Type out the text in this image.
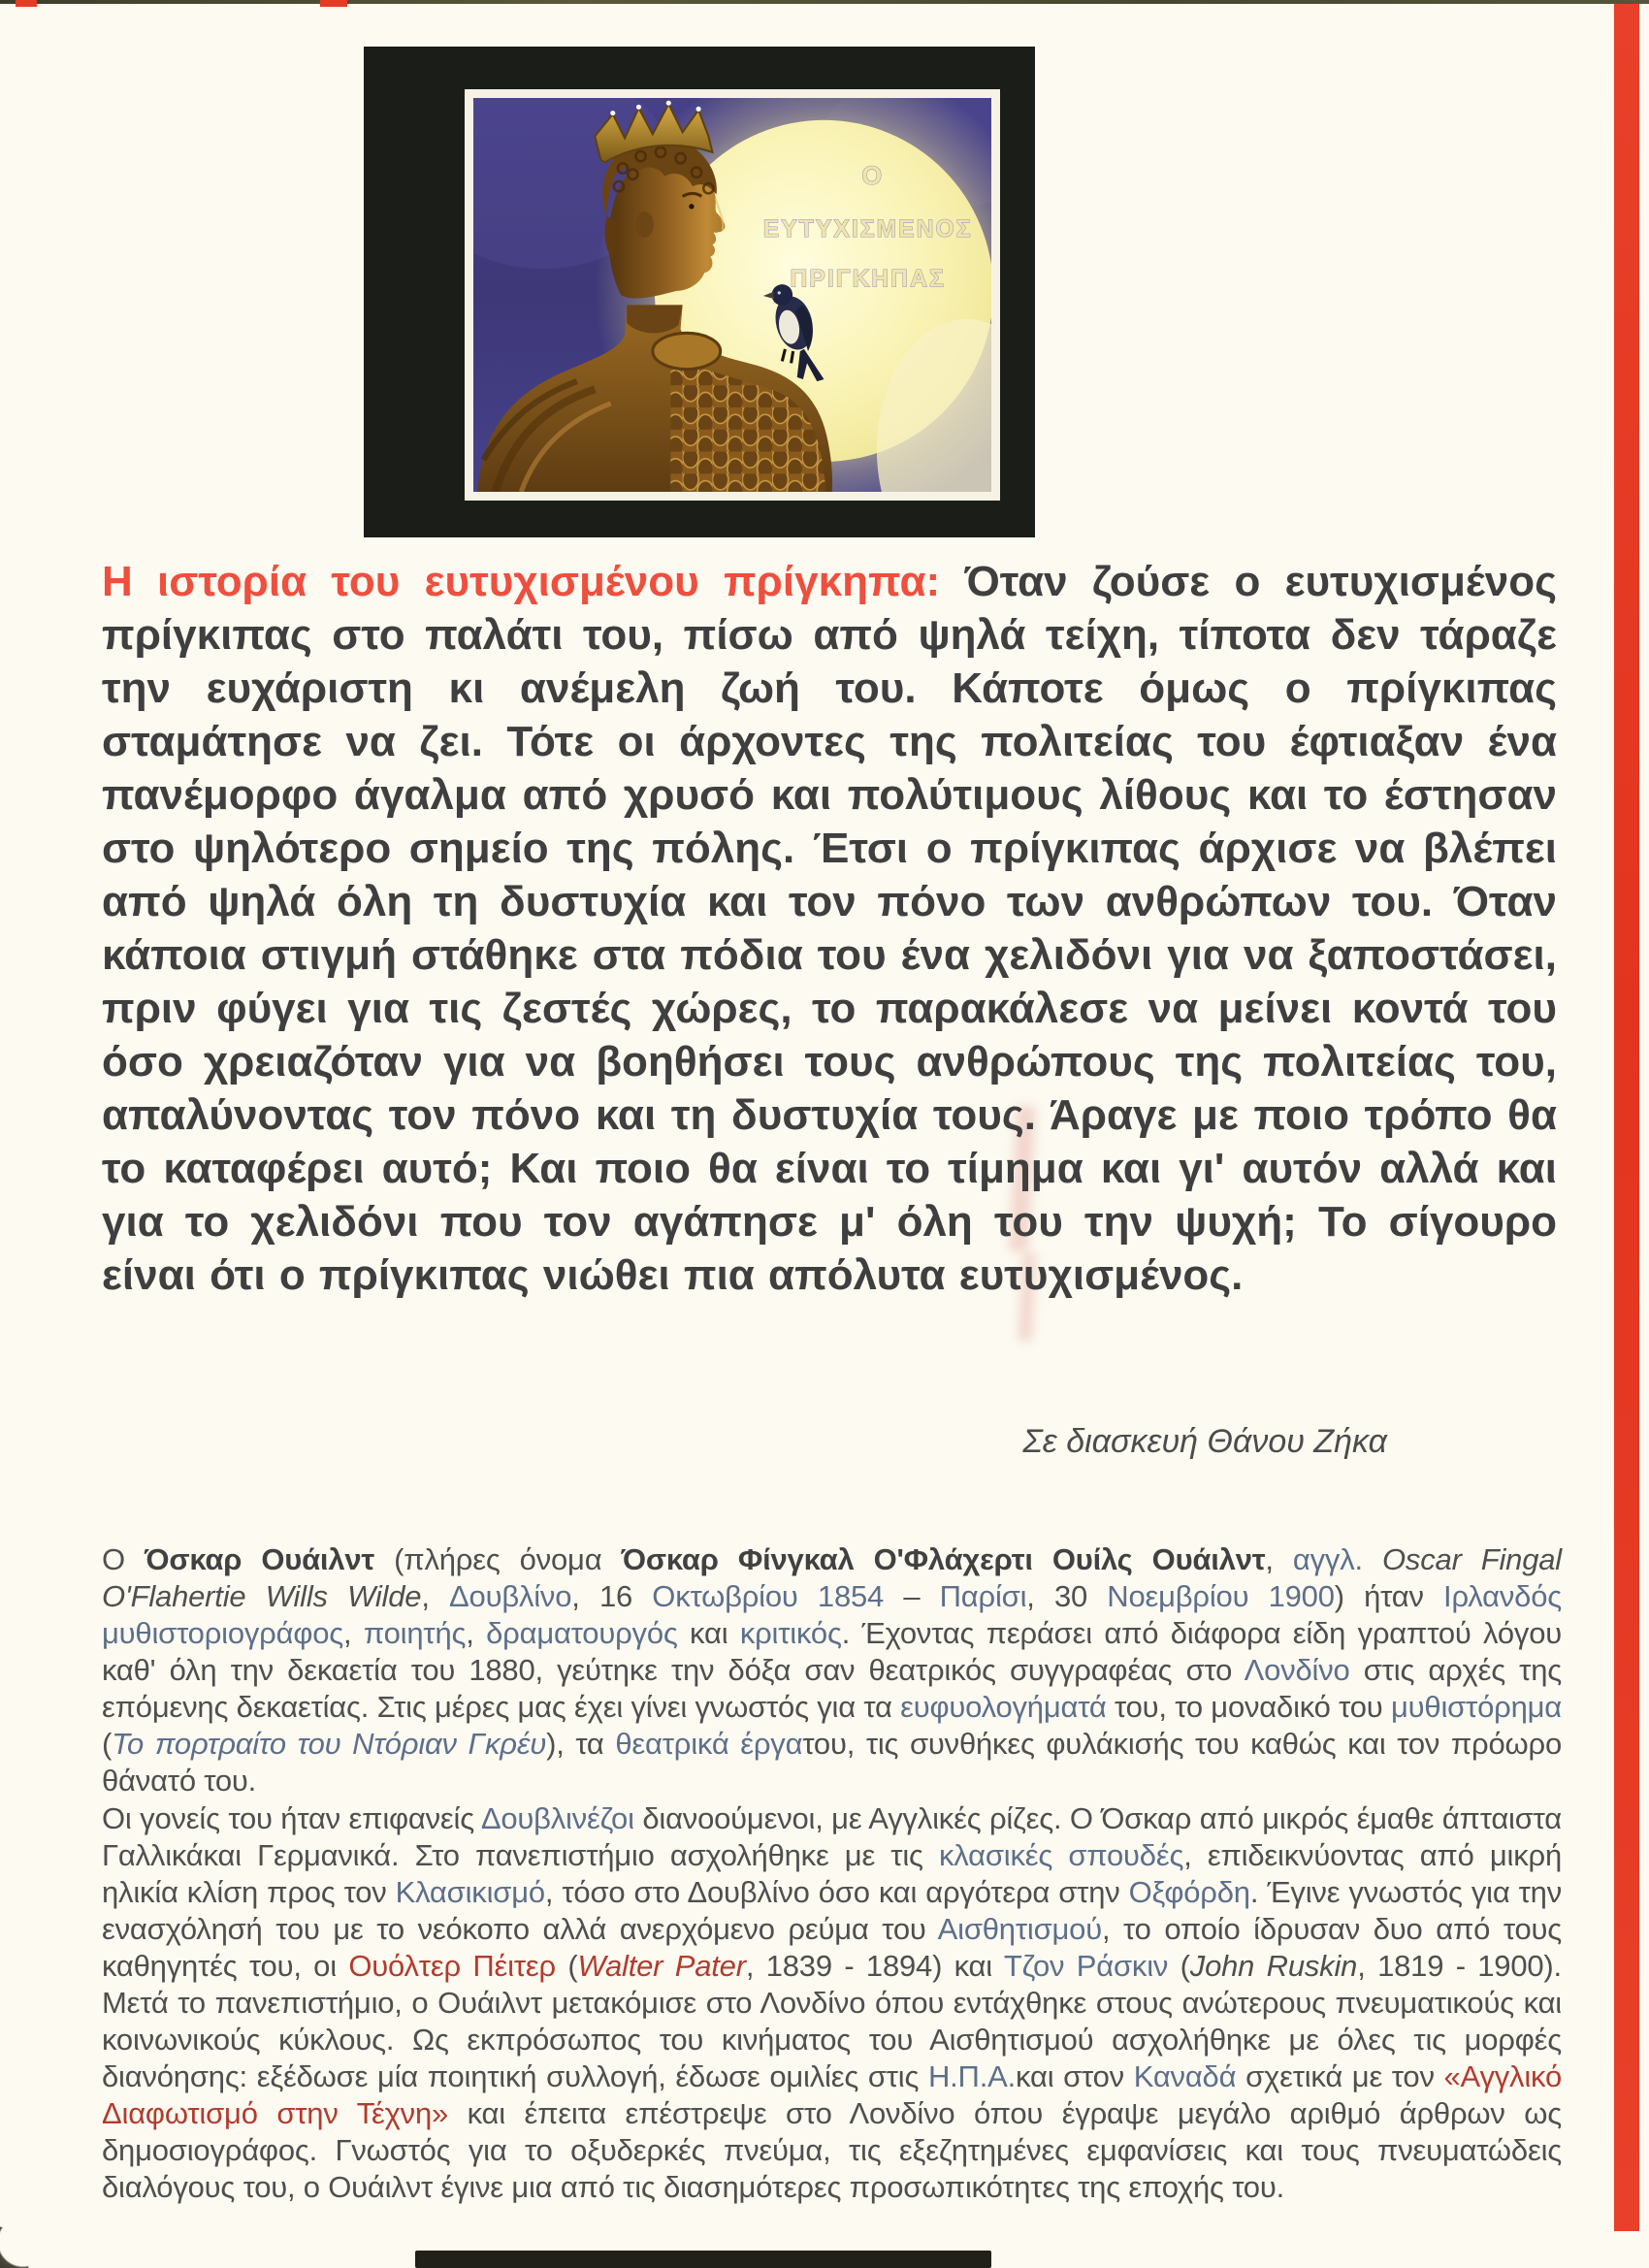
Ο
ΕΥΤΥΧΙΣΜΕΝΟΣ
ΠΡΙΓΚΗΠΑΣ

Η ιστορία του ευτυχισμένου πρίγκηπα: Όταν ζούσε ο ευτυχισμένος πρίγκιπας στο παλάτι του, πίσω από ψηλά τείχη, τίποτα δεν τάραζε την ευχάριστη κι ανέμελη ζωή του. Κάποτε όμως ο πρίγκιπας σταμάτησε να ζει. Τότε οι άρχοντες της πολιτείας του έφτιαξαν ένα πανέμορφο άγαλμα από χρυσό και πολύτιμους λίθους και το έστησαν στο ψηλότερο σημείο της πόλης. Έτσι ο πρίγκιπας άρχισε να βλέπει από ψηλά όλη τη δυστυχία και τον πόνο των ανθρώπων του. Όταν κάποια στιγμή στάθηκε στα πόδια του ένα χελιδόνι για να ξαποστάσει, πριν φύγει για τις ζεστές χώρες, το παρακάλεσε να μείνει κοντά του όσο χρειαζόταν για να βοηθήσει τους ανθρώπους της πολιτείας του, απαλύνοντας τον πόνο και τη δυστυχία τους. Άραγε με ποιο τρόπο θα το καταφέρει αυτό; Και ποιο θα είναι το τίμημα και γι' αυτόν αλλά και για το χελιδόνι που τον αγάπησε μ' όλη του την ψυχή; Το σίγουρο είναι ότι ο πρίγκιπας νιώθει πια απόλυτα ευτυχισμένος.

Σε διασκευή Θάνου Ζήκα

Ο Όσκαρ Ουάιλντ (πλήρες όνομα Όσκαρ Φίνγκαλ Ο'Φλάχερτι Ουίλς Ουάιλντ, αγγλ. Oscar Fingal O'Flahertie Wills Wilde, Δουβλίνο, 16 Οκτωβρίου 1854 – Παρίσι, 30 Νοεμβρίου 1900) ήταν Ιρλανδός μυθιστοριογράφος, ποιητής, δραματουργός και κριτικός. Έχοντας περάσει από διάφορα είδη γραπτού λόγου καθ' όλη την δεκαετία του 1880, γεύτηκε την δόξα σαν θεατρικός συγγραφέας στο Λονδίνο στις αρχές της επόμενης δεκαετίας. Στις μέρες μας έχει γίνει γνωστός για τα ευφυολογήματά του, το μοναδικό του μυθιστόρημα (Το πορτραίτο του Ντόριαν Γκρέυ), τα θεατρικά έργατου, τις συνθήκες φυλάκισής του καθώς και τον πρόωρο θάνατό του.

Οι γονείς του ήταν επιφανείς Δουβλινέζοι διανοούμενοι, με Αγγλικές ρίζες. Ο Όσκαρ από μικρός έμαθε άπταιστα Γαλλικάκαι Γερμανικά. Στο πανεπιστήμιο ασχολήθηκε με τις κλασικές σπουδές, επιδεικνύοντας από μικρή ηλικία κλίση προς τον Κλασικισμό, τόσο στο Δουβλίνο όσο και αργότερα στην Οξφόρδη. Έγινε γνωστός για την ενασχόλησή του με το νεόκοπο αλλά ανερχόμενο ρεύμα του Αισθητισμού, το οποίο ίδρυσαν δυο από τους καθηγητές του, οι Ουόλτερ Πέιτερ (Walter Pater, 1839 - 1894) και Τζον Ράσκιν (John Ruskin, 1819 - 1900). Μετά το πανεπιστήμιο, ο Ουάιλντ μετακόμισε στο Λονδίνο όπου εντάχθηκε στους ανώτερους πνευματικούς και κοινωνικούς κύκλους. Ως εκπρόσωπος του κινήματος του Αισθητισμού ασχολήθηκε με όλες τις μορφές διανόησης: εξέδωσε μία ποιητική συλλογή, έδωσε ομιλίες στις Η.Π.Α.και στον Καναδά σχετικά με τον «Αγγλικό Διαφωτισμό στην Τέχνη» και έπειτα επέστρεψε στο Λονδίνο όπου έγραψε μεγάλο αριθμό άρθρων ως δημοσιογράφος. Γνωστός για το οξυδερκές πνεύμα, τις εξεζητημένες εμφανίσεις και τους πνευματώδεις διαλόγους του, ο Ουάιλντ έγινε μια από τις διασημότερες προσωπικότητες της εποχής του.
